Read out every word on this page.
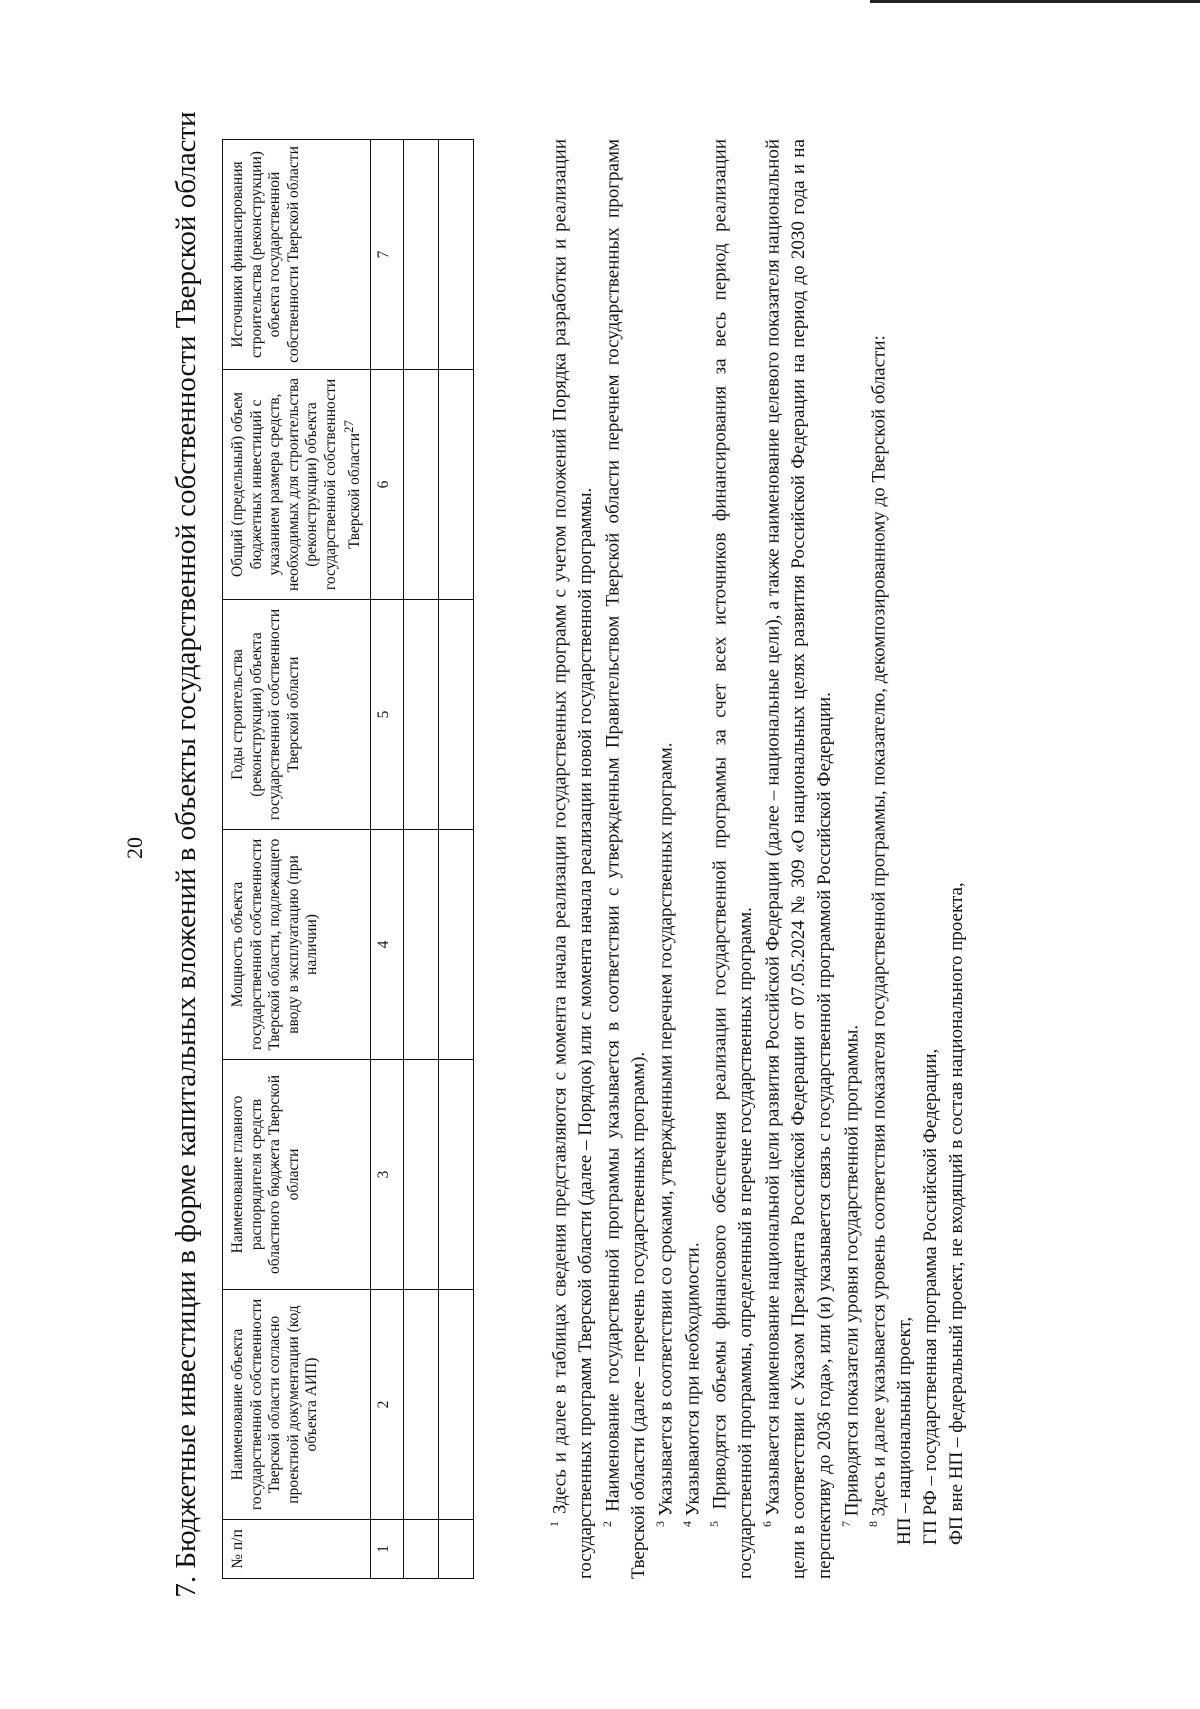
20 7. Бюджетные инвестиции в форме капитальных вложений в объекты государственной собственности Тверской области № п/п	Наименование объекта государственной собственности Тверской области согласно проектной документации (код объекта АИП)	Наименование главного распорядителя средств областного бюджета Тверской области	Мощность объекта государственной собственности Тверской области, подлежащего вводу в эксплуатацию (при наличии)	Годы строительства (реконструкции) объекта государственной собственности Тверской области	Общий (предельный) объем бюджетных инвестиций с указанием размера средств, необходимых для строительства (реконструкции) объекта государственной собственности Тверской области$^{27}$	Источники финансирования строительства (реконструкции) объекта государственной собственности Тверской области
1	2	3	4	5	6	7

$^1$ Здесь и далее в таблицах сведения представляются с момента начала реализации государственных программ с учетом положений Порядка разработки и реализации государственных программ Тверской области (далее – Порядок) или с момента начала реализации новой государственной программы. $^2$ Наименование государственной программы указывается в соответствии с утвержденным Правительством Тверской области перечнем государственных программ Тверской области (далее – перечень государственных программ). $^3$ Указывается в соответствии со сроками, утвержденными перечнем государственных программ.

$^4$ Указываются при необходимости.

$^5$ Приводятся объемы финансового обеспечения реализации государственной программы за счет всех источников финансирования за весь период реализации государственной программы, определенный в перечне государственных программ. $^6$ Указывается наименование национальной цели развития Российской Федерации (далее – национальные цели), а также наименование целевого показателя национальной цели в соответствии с Указом Президента Российской Федерации от 07.05.2024 № 309 «О национальных целях развития Российской Федерации на период до 2030 года и на перспективу до 2036 года», или (и) указывается связь с государственной программой Российской Федерации. $^7$ Приводятся показатели уровня государственной программы.

$^8$ Здесь и далее указывается уровень соответствия показателя государственной программы, показателю, декомпозированному до Тверской области: НП – национальный проект, ГП РФ – государственная программа Российской Федерации, ФП вне НП – федеральный проект, не входящий в состав национального проекта,
